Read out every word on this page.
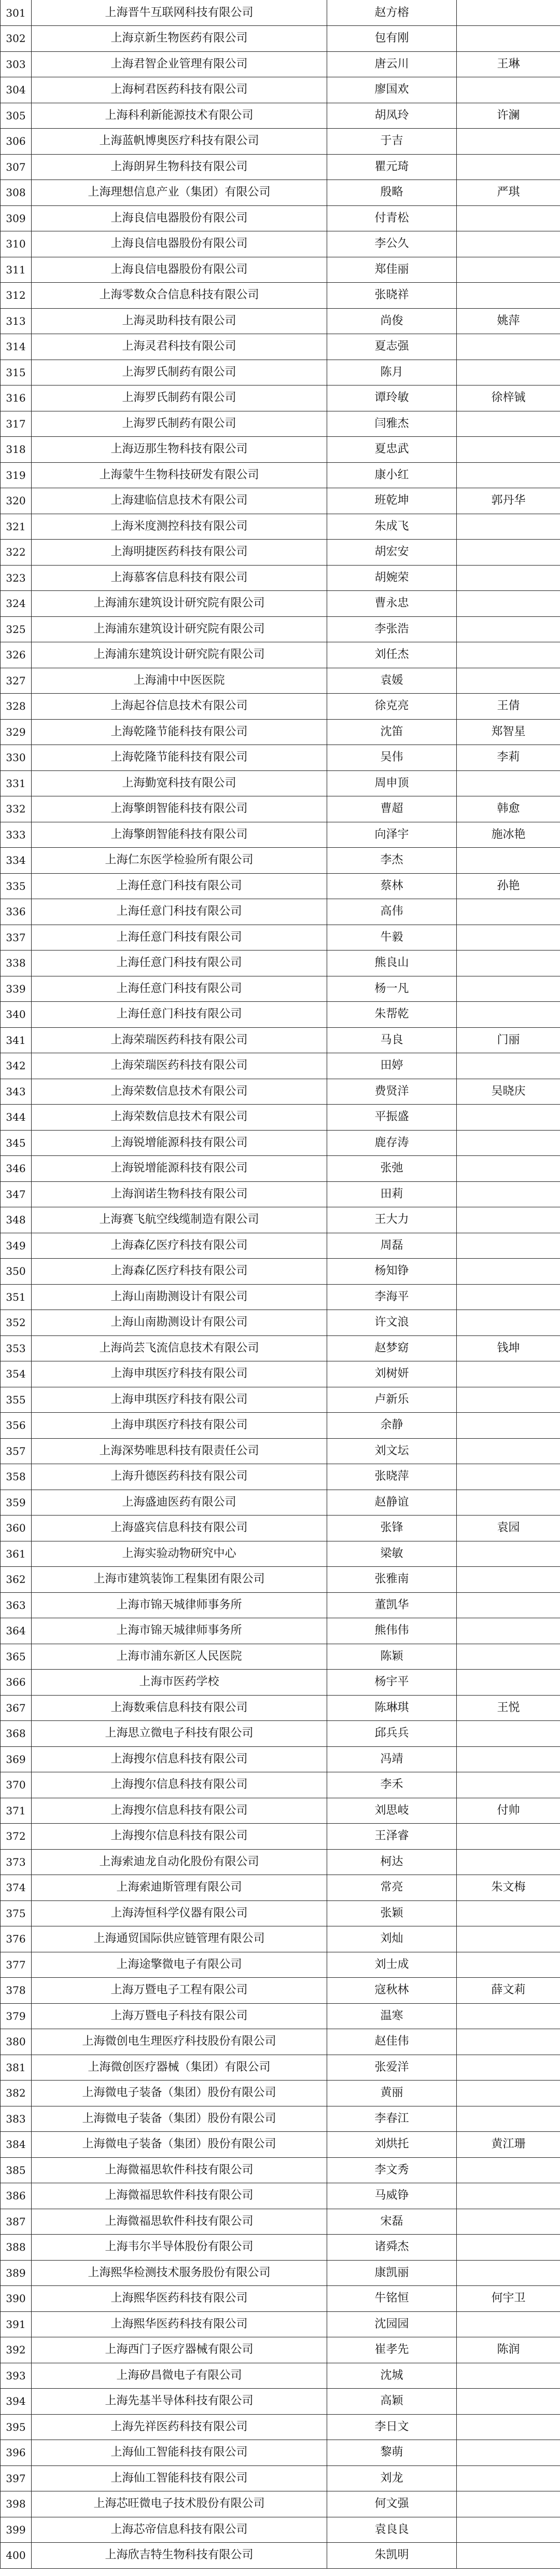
301	上海晋牛互联网科技有限公司	赵方榕	
302	上海京新生物医药有限公司	包有刚	
303	上海君智企业管理有限公司	唐云川	王琳
304	上海柯君医药科技有限公司	廖国欢	
305	上海科利新能源技术有限公司	胡凤玲	许澜
306	上海蓝帆博奥医疗科技有限公司	于吉	
307	上海朗昇生物科技有限公司	瞿元琦	
308	上海理想信息产业（集团）有限公司	殷略	严琪
309	上海良信电器股份有限公司	付青松	
310	上海良信电器股份有限公司	李公久	
311	上海良信电器股份有限公司	郑佳丽	
312	上海零数众合信息科技有限公司	张晓祥	
313	上海灵助科技有限公司	尚俊	姚萍
314	上海灵君科技有限公司	夏志强	
315	上海罗氏制药有限公司	陈月	
316	上海罗氏制药有限公司	谭玲敏	徐梓铖
317	上海罗氏制药有限公司	闫雅杰	
318	上海迈那生物科技有限公司	夏忠武	
319	上海蒙牛生物科技研发有限公司	康小红	
320	上海建临信息技术有限公司	班乾坤	郭丹华
321	上海米度测控科技有限公司	朱成飞	
322	上海明捷医药科技有限公司	胡宏安	
323	上海慕客信息科技有限公司	胡婉荣	
324	上海浦东建筑设计研究院有限公司	曹永忠	
325	上海浦东建筑设计研究院有限公司	李张浩	
326	上海浦东建筑设计研究院有限公司	刘任杰	
327	上海浦中中医医院	袁媛	
328	上海起谷信息技术有限公司	徐克亮	王倩
329	上海乾隆节能科技有限公司	沈笛	郑智星
330	上海乾隆节能科技有限公司	吴伟	李莉
331	上海勤宽科技有限公司	周申顶	
332	上海擎朗智能科技有限公司	曹超	韩愈
333	上海擎朗智能科技有限公司	向泽宇	施冰艳
334	上海仁东医学检验所有限公司	李杰	
335	上海任意门科技有限公司	蔡林	孙艳
336	上海任意门科技有限公司	高伟	
337	上海任意门科技有限公司	牛毅	
338	上海任意门科技有限公司	熊良山	
339	上海任意门科技有限公司	杨一凡	
340	上海任意门科技有限公司	朱帮乾	
341	上海荣瑞医药科技有限公司	马良	门丽
342	上海荣瑞医药科技有限公司	田婷	
343	上海荣数信息技术有限公司	费贤洋	吴晓庆
344	上海荣数信息技术有限公司	平振盛	
345	上海锐增能源科技有限公司	鹿存涛	
346	上海锐增能源科技有限公司	张弛	
347	上海润诺生物科技有限公司	田莉	
348	上海赛飞航空线缆制造有限公司	王大力	
349	上海森亿医疗科技有限公司	周磊	
350	上海森亿医疗科技有限公司	杨知铮	
351	上海山南勘测设计有限公司	李海平	
352	上海山南勘测设计有限公司	许文浪	
353	上海尚芸飞流信息技术有限公司	赵梦窈	钱坤
354	上海申琪医疗科技有限公司	刘树妍	
355	上海申琪医疗科技有限公司	卢新乐	
356	上海申琪医疗科技有限公司	余静	
357	上海深势唯思科技有限责任公司	刘文坛	
358	上海升德医药科技有限公司	张晓萍	
359	上海盛迪医药有限公司	赵静谊	
360	上海盛宾信息科技有限公司	张锋	袁园
361	上海实验动物研究中心	梁敏	
362	上海市建筑装饰工程集团有限公司	张雅南	
363	上海市锦天城律师事务所	董凯华	
364	上海市锦天城律师事务所	熊伟伟	
365	上海市浦东新区人民医院	陈颖	
366	上海市医药学校	杨宇平	
367	上海数乘信息科技有限公司	陈琳琪	王悦
368	上海思立微电子科技有限公司	邱兵兵	
369	上海搜尔信息科技有限公司	冯靖	
370	上海搜尔信息科技有限公司	李禾	
371	上海搜尔信息科技有限公司	刘思岐	付帅
372	上海搜尔信息科技有限公司	王泽睿	
373	上海索迪龙自动化股份有限公司	柯达	
374	上海索迪斯管理有限公司	常亮	朱文梅
375	上海涛恒科学仪器有限公司	张颖	
376	上海通贸国际供应链管理有限公司	刘灿	
377	上海途擎微电子有限公司	刘士成	
378	上海万暨电子工程有限公司	寇秋林	薛文莉
379	上海万暨电子科技有限公司	温寒	
380	上海微创电生理医疗科技股份有限公司	赵佳伟	
381	上海微创医疗器械（集团）有限公司	张爱洋	
382	上海微电子装备（集团）股份有限公司	黄丽	
383	上海微电子装备（集团）股份有限公司	李春江	
384	上海微电子装备（集团）股份有限公司	刘烘托	黄江珊
385	上海微福思软件科技有限公司	李文秀	
386	上海微福思软件科技有限公司	马威铮	
387	上海微福思软件科技有限公司	宋磊	
388	上海韦尔半导体股份有限公司	诸舜杰	
389	上海熙华检测技术服务股份有限公司	康凯丽	
390	上海熙华医药科技有限公司	牛铭恒	何宇卫
391	上海熙华医药科技有限公司	沈园园	
392	上海西门子医疗器械有限公司	崔孝先	陈润
393	上海矽昌微电子有限公司	沈城	
394	上海先基半导体科技有限公司	高颖	
395	上海先祥医药科技有限公司	李日文	
396	上海仙工智能科技有限公司	黎萌	
397	上海仙工智能科技有限公司	刘龙	
398	上海芯旺微电子技术股份有限公司	何文强	
399	上海芯帝信息科技有限公司	袁良良	
400	上海欣吉特生物科技有限公司	朱凯明	
